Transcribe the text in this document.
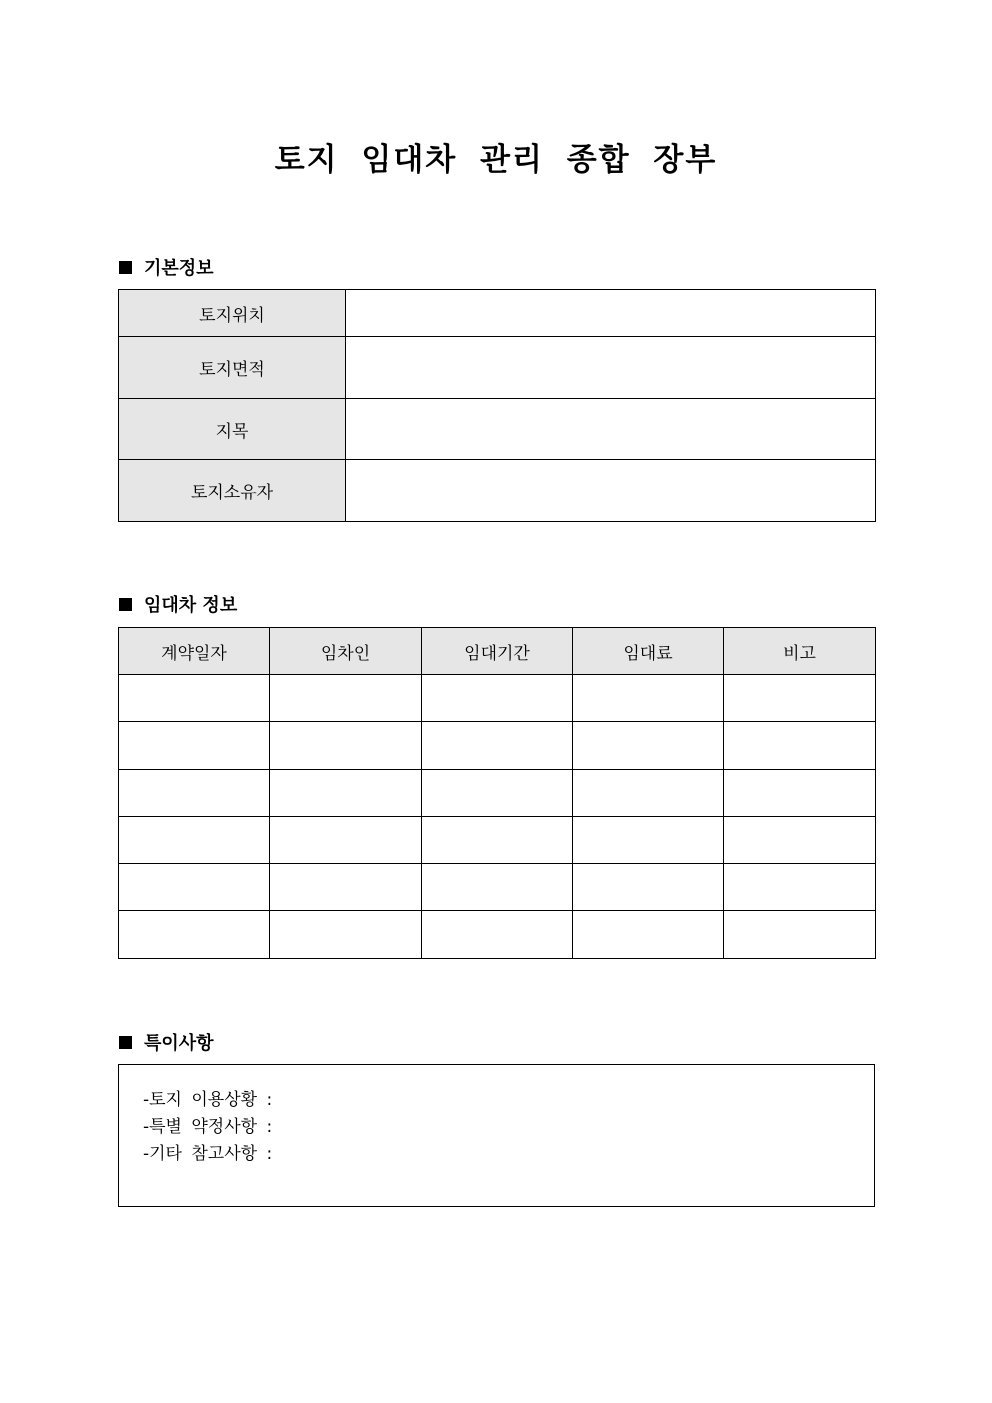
토지 임대차 관리 종합 장부
기본정보
토지위치	
토지면적	
지목	
토지소유자	
임대차 정보
계약일자	임차인	임대기간	임대료	비고

특이사항
-토지 이용상황 :
-특별 약정사항 :
-기타 참고사항 :
